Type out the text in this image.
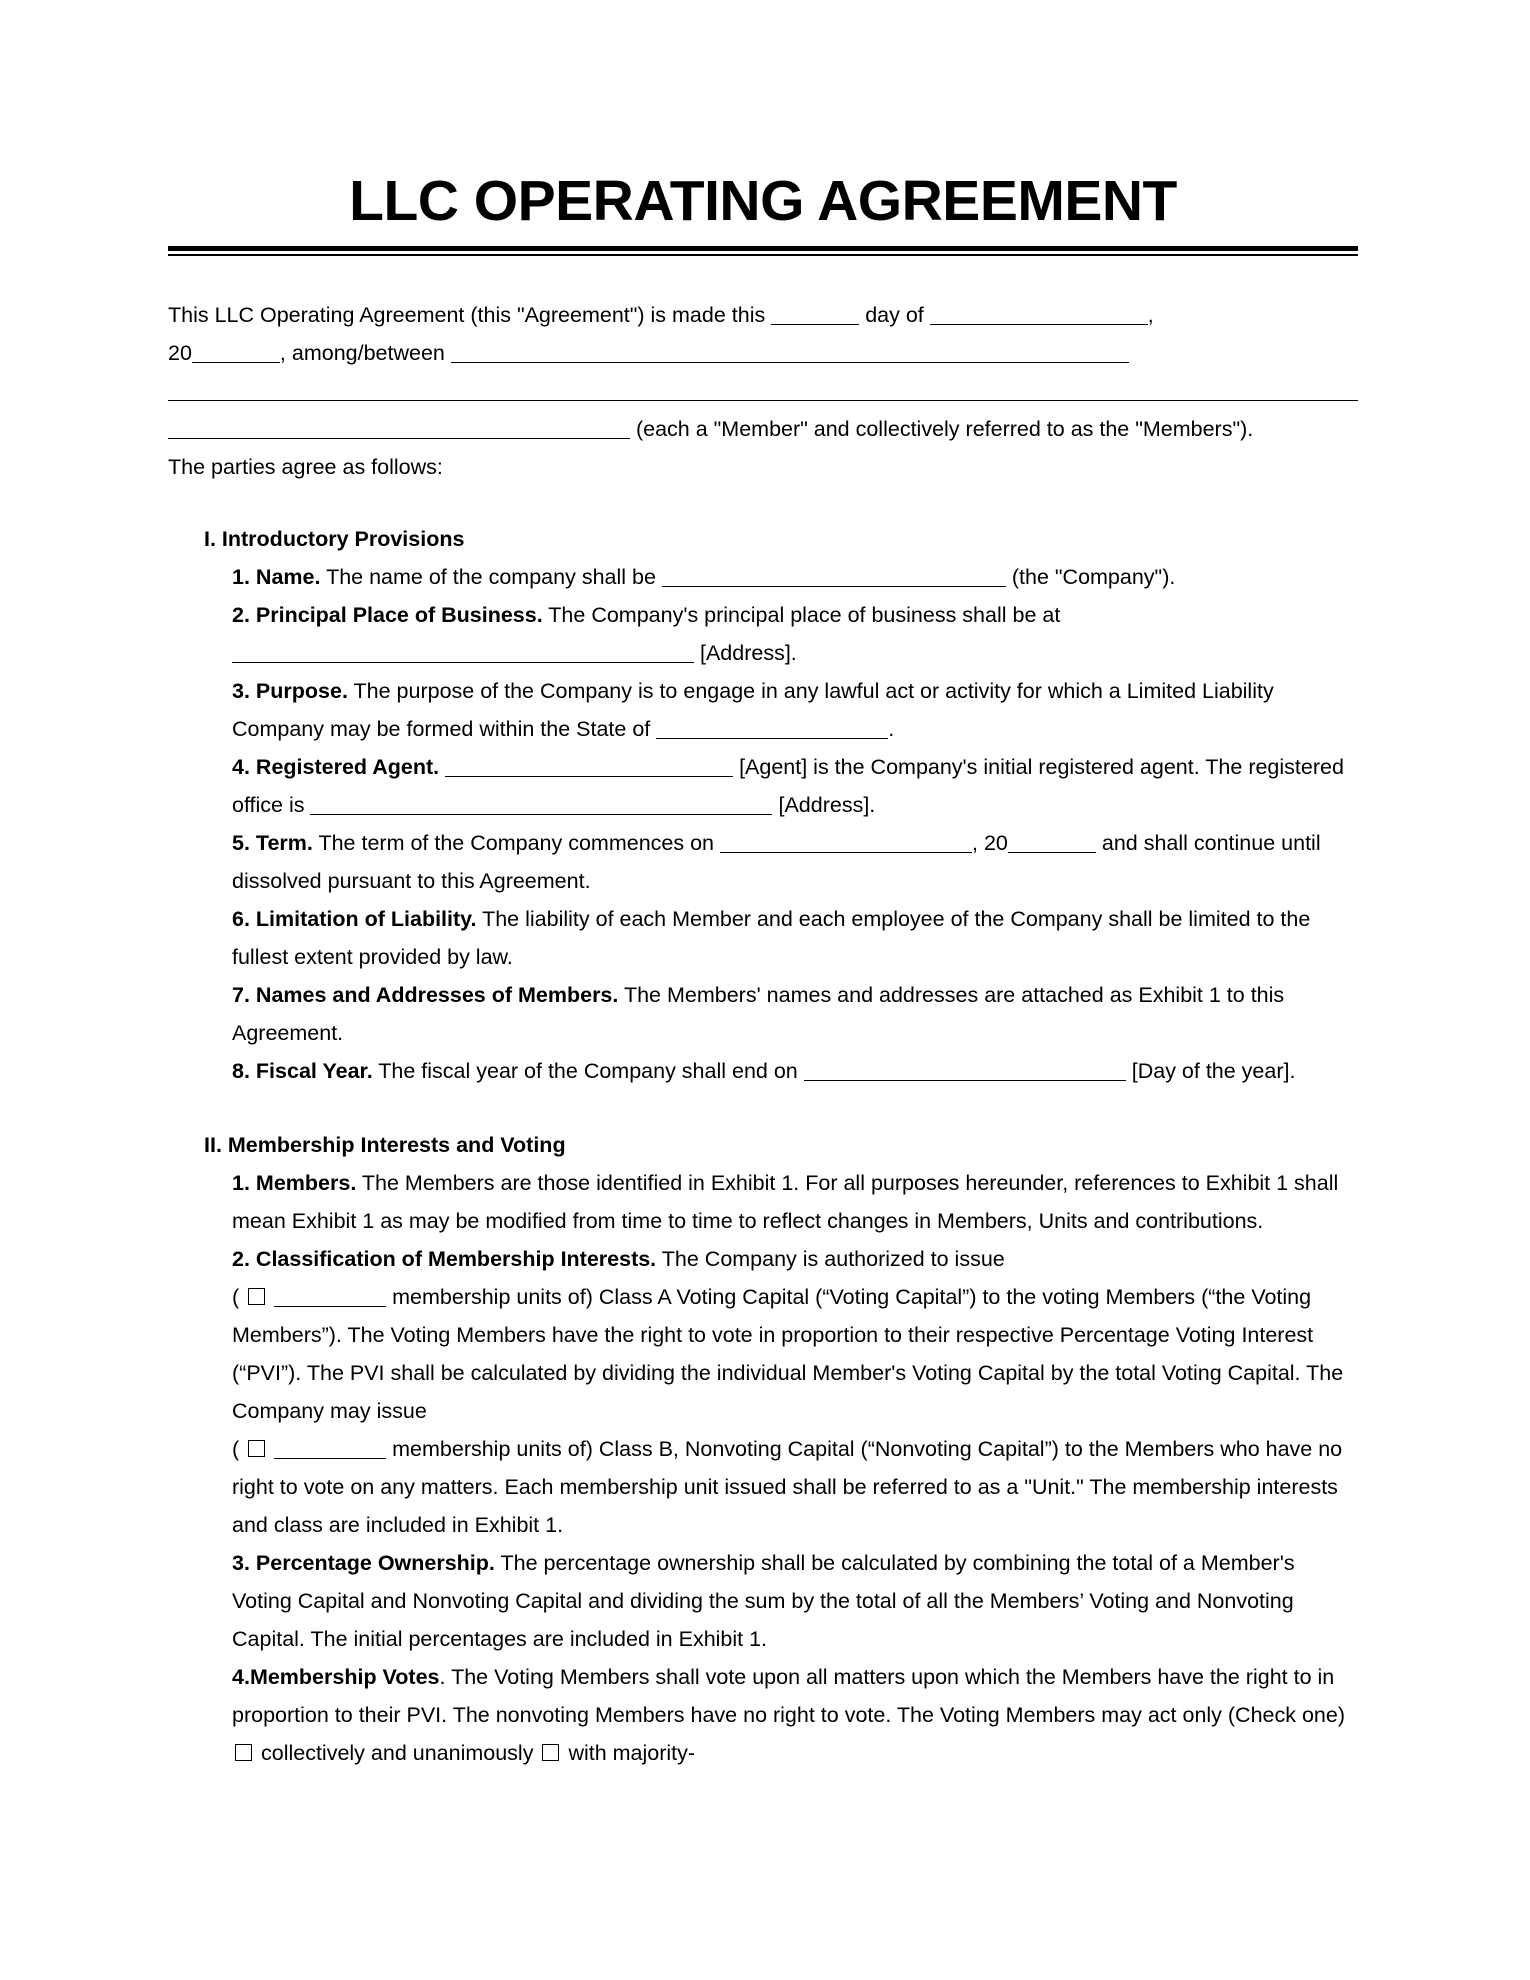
LLC OPERATING AGREEMENT
This LLC Operating Agreement (this "Agreement") is made this	day of	,
20	, among/between
(each a "Member" and collectively referred to as the "Members").
The parties agree as follows:
I. Introductory Provisions
1. Name. The name of the company shall be	(the "Company").
2. Principal Place of Business. The Company's principal place of business shall be at  [Address].
3. Purpose. The purpose of the Company is to engage in any lawful act or activity for which a Limited Liability Company may be formed within the State of	.
4. Registered Agent.	[Agent] is the Company's initial registered agent. The registered office is	[Address].
5. Term. The term of the Company commences on	, 20	and shall continue until dissolved pursuant to this Agreement.
6. Limitation of Liability. The liability of each Member and each employee of the Company shall be limited to the fullest extent provided by law.
7. Names and Addresses of Members. The Members' names and addresses are attached as Exhibit 1 to this Agreement.
8. Fiscal Year. The fiscal year of the Company shall end on	[Day of the year].
II. Membership Interests and Voting
1. Members. The Members are those identified in Exhibit 1. For all purposes hereunder, references to Exhibit 1 shall mean Exhibit 1 as may be modified from time to time to reflect changes in Members, Units and contributions.
2. Classification of Membership Interests. The Company is authorized to issue
(	membership units of) Class A Voting Capital (“Voting Capital”) to the voting Members (“the Voting Members”). The Voting Members have the right to vote in proportion to their respective Percentage Voting Interest (“PVI”). The PVI shall be calculated by dividing the individual Member's Voting Capital by the total Voting Capital. The Company may issue
(	membership units of) Class B, Nonvoting Capital (“Nonvoting Capital”) to the Members who have no right to vote on any matters. Each membership unit issued shall be referred to as a "Unit." The membership interests and class are included in Exhibit 1.
3. Percentage Ownership. The percentage ownership shall be calculated by combining the total of a Member's Voting Capital and Nonvoting Capital and dividing the sum by the total of all the Members’ Voting and Nonvoting Capital. The initial percentages are included in Exhibit 1.
4.Membership Votes. The Voting Members shall vote upon all matters upon which the Members have the right to in proportion to their PVI. The nonvoting Members have no right to vote. The Voting Members may act only (Check one)  collectively and unanimously with majority-
